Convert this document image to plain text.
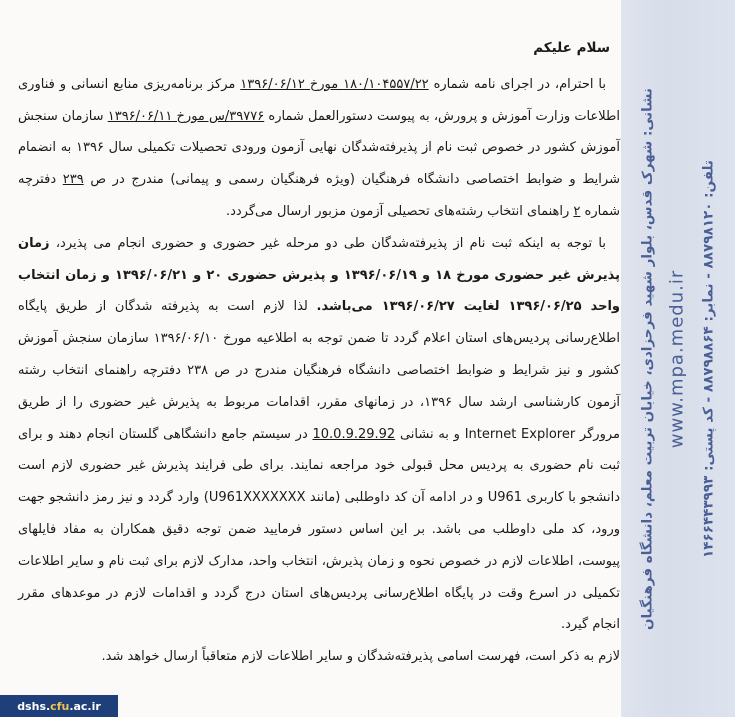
نشانی: شهرک قدس، بلوار شهید فرحزادی، خیابان تربیت معلم، دانشگاه فرهنگیان www.mpa.medu.ir
تلفن: ۸۸۷۹۸۱۲۰ - نمابر: ۸۸۷۹۸۸۶۴ - کد پستی: ۱۴۶۶۴۴۳۹۹۳
سلام علیکم

با احترام، در اجرای نامه شماره ۱۸۰/۱۰۴۵۵۷/۲۲ مورخ ۱۳۹۶/۰۶/۱۲ مرکز برنامه‌ریزی منابع انسانی و فناوری اطلاعات وزارت آموزش و پرورش، به پیوست دستورالعمل شماره ۳۹۷۷۶/س مورخ ۱۳۹۶/۰۶/۱۱ سازمان سنجش آموزش کشور در خصوص ثبت نام از پذیرفته‌شدگان نهایی آزمون ورودی تحصیلات تکمیلی سال ۱۳۹۶ به انضمام شرایط و ضوابط اختصاصی دانشگاه فرهنگیان (ویژه فرهنگیان رسمی و پیمانی) مندرج در ص ۲۳۹ دفترچه شماره ۲ راهنمای انتخاب رشته‌های تحصیلی آزمون مزبور ارسال می‌گردد.

با توجه به اینکه ثبت نام از پذیرفته‌شدگان طی دو مرحله غیر حضوری و حضوری انجام می پذیرد، زمان پذیرش غیر حضوری مورخ ۱۸ و ۱۳۹۶/۰۶/۱۹ و پذیرش حضوری ۲۰ و ۱۳۹۶/۰۶/۲۱ و زمان انتخاب واحد ۱۳۹۶/۰۶/۲۵ لغایت ۱۳۹۶/۰۶/۲۷ می‌باشد. لذا لازم است به پذیرفته شدگان از طریق پایگاه اطلاع‌رسانی پردیس‌های استان اعلام گردد تا ضمن توجه به اطلاعیه مورخ ۱۳۹۶/۰۶/۱۰ سازمان سنجش آموزش کشور و نیز شرایط و ضوابط اختصاصی دانشگاه فرهنگیان مندرج در ص ۲۳۸ دفترچه راهنمای انتخاب رشته آزمون کارشناسی ارشد سال ۱۳۹۶، در زمانهای مقرر، اقدامات مربوط به پذیرش غیر حضوری را از طریق مرورگر Internet Explorer و به نشانی 10.0.9.29.92 در سیستم جامع دانشگاهی گلستان انجام دهند و برای ثبت نام حضوری به پردیس محل قبولی خود مراجعه نمایند. برای طی فرایند پذیرش غیر حضوری لازم است دانشجو با کاربری U961 و در ادامه آن کد داوطلبی (مانند U961XXXXXXX) وارد گردد و نیز رمز دانشجو جهت ورود، کد ملی داوطلب می باشد. بر این اساس دستور فرمایید ضمن توجه دقیق همکاران به مفاد فایلهای پیوست، اطلاعات لازم در خصوص نحوه و زمان پذیرش، انتخاب واحد، مدارک لازم برای ثبت نام و سایر اطلاعات تکمیلی در اسرع وقت در پایگاه اطلاع‌رسانی پردیس‌های استان درج گردد و اقدامات لازم در موعدهای مقرر انجام گیرد.

لازم به ذکر است، فهرست اسامی پذیرفته‌شدگان و سایر اطلاعات لازم متعاقباً ارسال خواهد شد.

dshs. cfu .ac.ir
